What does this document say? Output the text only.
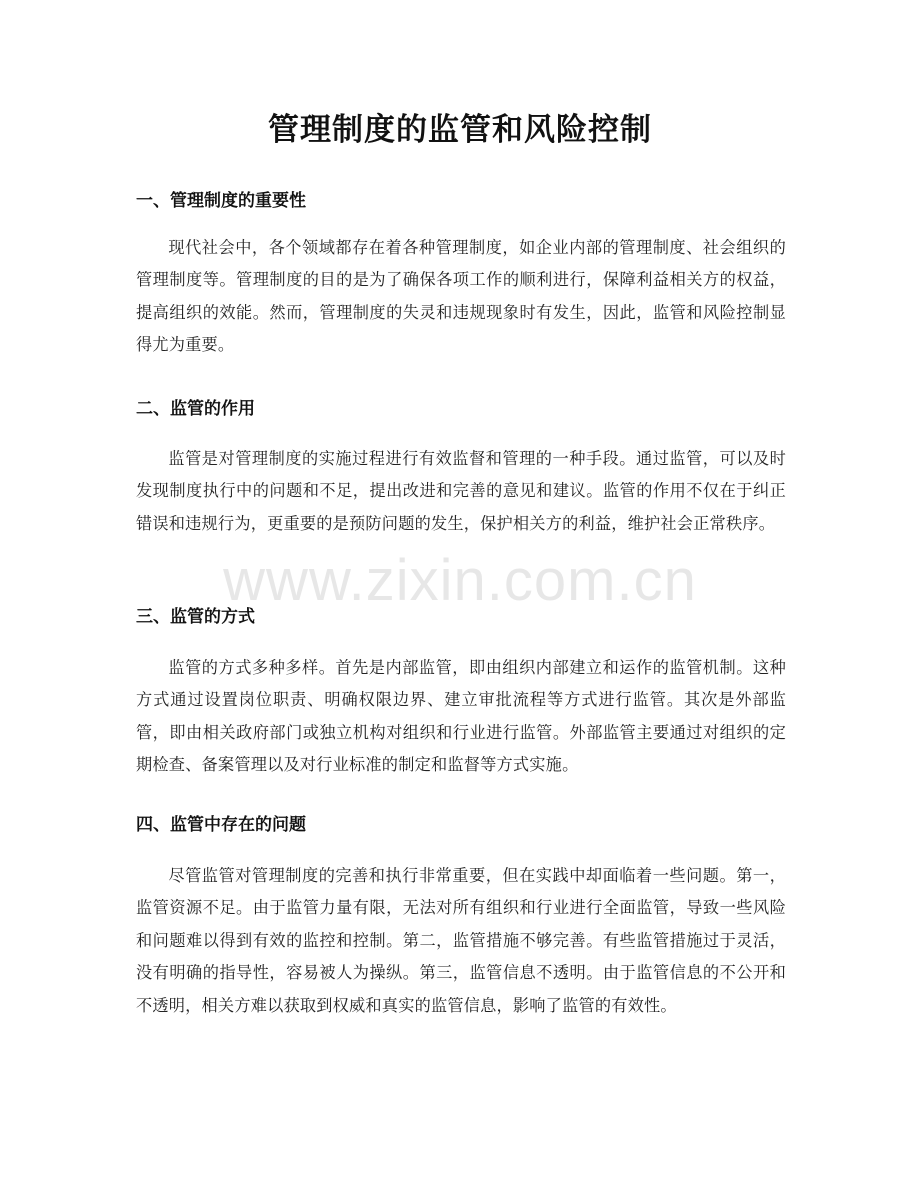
管理制度的监管和风险控制
一、管理制度的重要性

现代社会中，各个领域都存在着各种管理制度，如企业内部的管理制度、社会组织的管理制度等。管理制度的目的是为了确保各项工作的顺利进行，保障利益相关方的权益，提高组织的效能。然而，管理制度的失灵和违规现象时有发生，因此，监管和风险控制显得尤为重要。

二、监管的作用

监管是对管理制度的实施过程进行有效监督和管理的一种手段。通过监管，可以及时发现制度执行中的问题和不足，提出改进和完善的意见和建议。监管的作用不仅在于纠正错误和违规行为，更重要的是预防问题的发生，保护相关方的利益，维护社会正常秩序。

三、监管的方式

监管的方式多种多样。首先是内部监管，即由组织内部建立和运作的监管机制。这种方式通过设置岗位职责、明确权限边界、建立审批流程等方式进行监管。其次是外部监管，即由相关政府部门或独立机构对组织和行业进行监管。外部监管主要通过对组织的定期检查、备案管理以及对行业标准的制定和监督等方式实施。

四、监管中存在的问题

尽管监管对管理制度的完善和执行非常重要，但在实践中却面临着一些问题。第一，监管资源不足。由于监管力量有限，无法对所有组织和行业进行全面监管，导致一些风险和问题难以得到有效的监控和控制。第二，监管措施不够完善。有些监管措施过于灵活，没有明确的指导性，容易被人为操纵。第三，监管信息不透明。由于监管信息的不公开和不透明，相关方难以获取到权威和真实的监管信息，影响了监管的有效性。

www.zixin.com.cn
